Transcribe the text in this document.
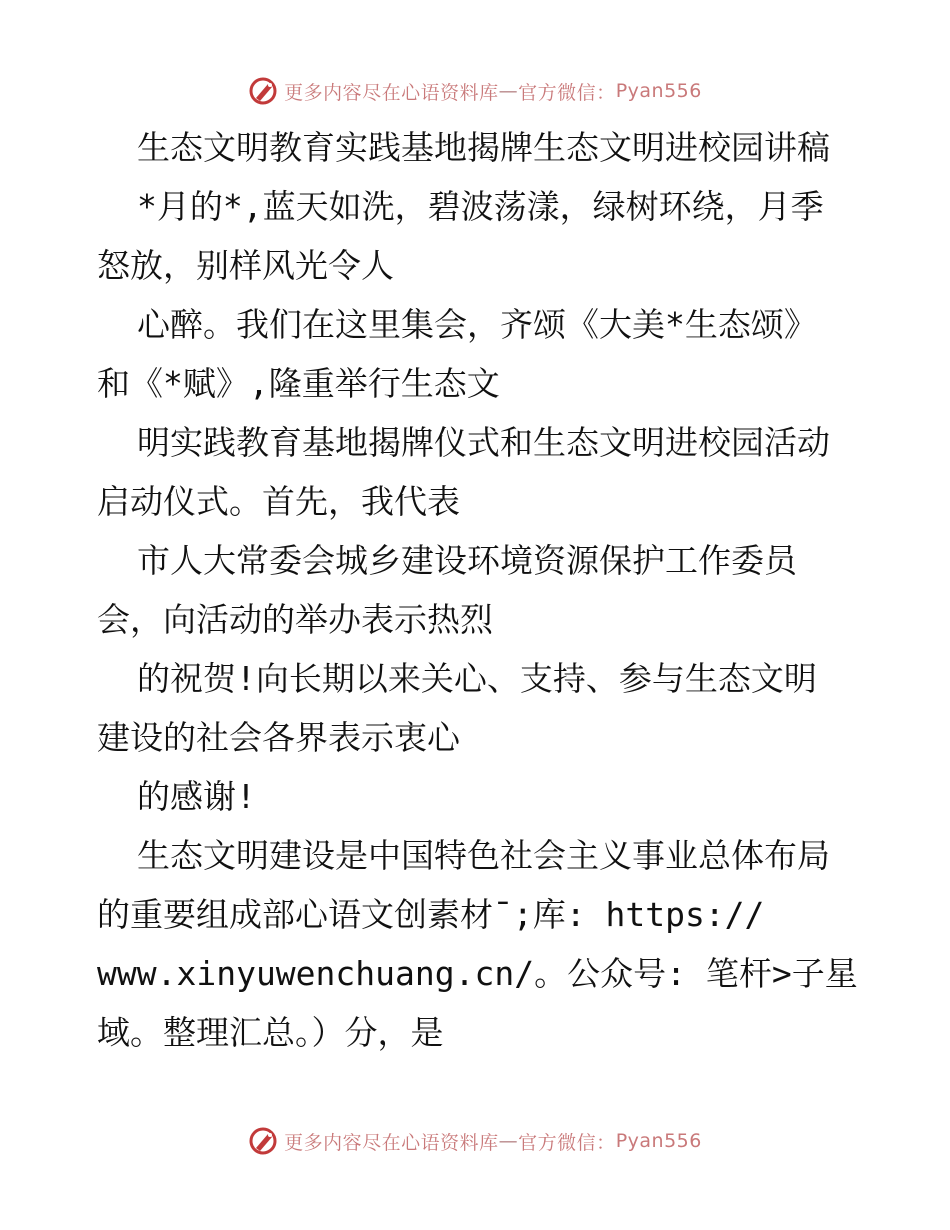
更多内容尽在心语资料库 — 官方微信： Pyan556
生态文明教育实践基地揭牌生态文明进校园讲稿
*月的*,蓝天如洗，碧波荡漾，绿树环绕，月季
怒放，别样风光令人
心醉。我们在这里集会，齐颂《大美*生态颂》
和《*赋》,隆重举行生态文
明实践教育基地揭牌仪式和生态文明进校园活动
启动仪式。首先，我代表
市人大常委会城乡建设环境资源保护工作委员
会，向活动的举办表示热烈
的祝贺!向长期以来关心、支持、参与生态文明
建设的社会各界表示衷心
的感谢!
生态文明建设是中国特色社会主义事业总体布局
的重要组成部心语文创素材¯;库: https://
www.xinyuwenchuang.cn/。公众号: 笔杆>子星
域。整理汇总。）分，是
更多内容尽在心语资料库 — 官方微信： Pyan556
